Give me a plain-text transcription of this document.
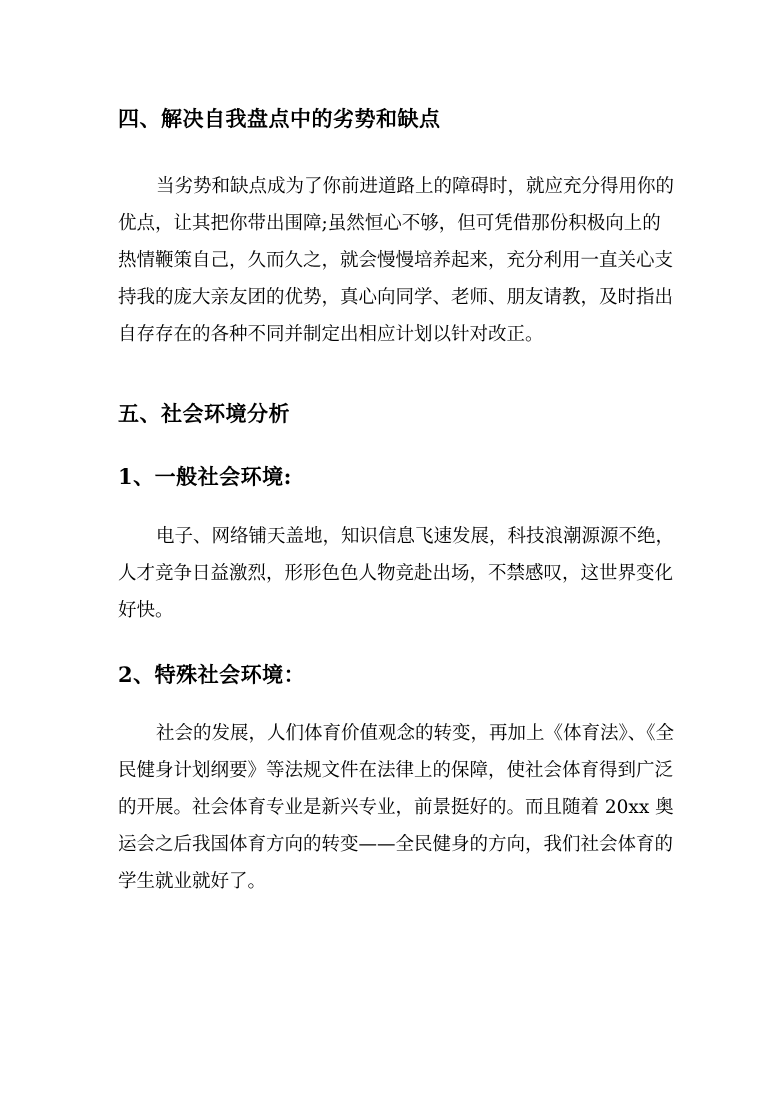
四、解决自我盘点中的劣势和缺点
当劣势和缺点成为了你前进道路上的障碍时，就应充分得用你的
优点，让其把你带出围障;虽然恒心不够，但可凭借那份积极向上的
热情鞭策自己，久而久之，就会慢慢培养起来，充分利用一直关心支
持我的庞大亲友团的优势，真心向同学、老师、朋友请教，及时指出
自存存在的各种不同并制定出相应计划以针对改正。
五、社会环境分析
1、一般社会环境:
电子、网络铺天盖地，知识信息飞速发展，科技浪潮源源不绝，
人才竞争日益激烈，形形色色人物竞赴出场，不禁感叹，这世界变化
好快。
2、特殊社会环境：
社会的发展，人们体育价值观念的转变，再加上《体育法》、《全
民健身计划纲要》等法规文件在法律上的保障，使社会体育得到广泛
的开展。社会体育专业是新兴专业，前景挺好的。而且随着 20xx 奥
运会之后我国体育方向的转变——全民健身的方向，我们社会体育的
学生就业就好了。
